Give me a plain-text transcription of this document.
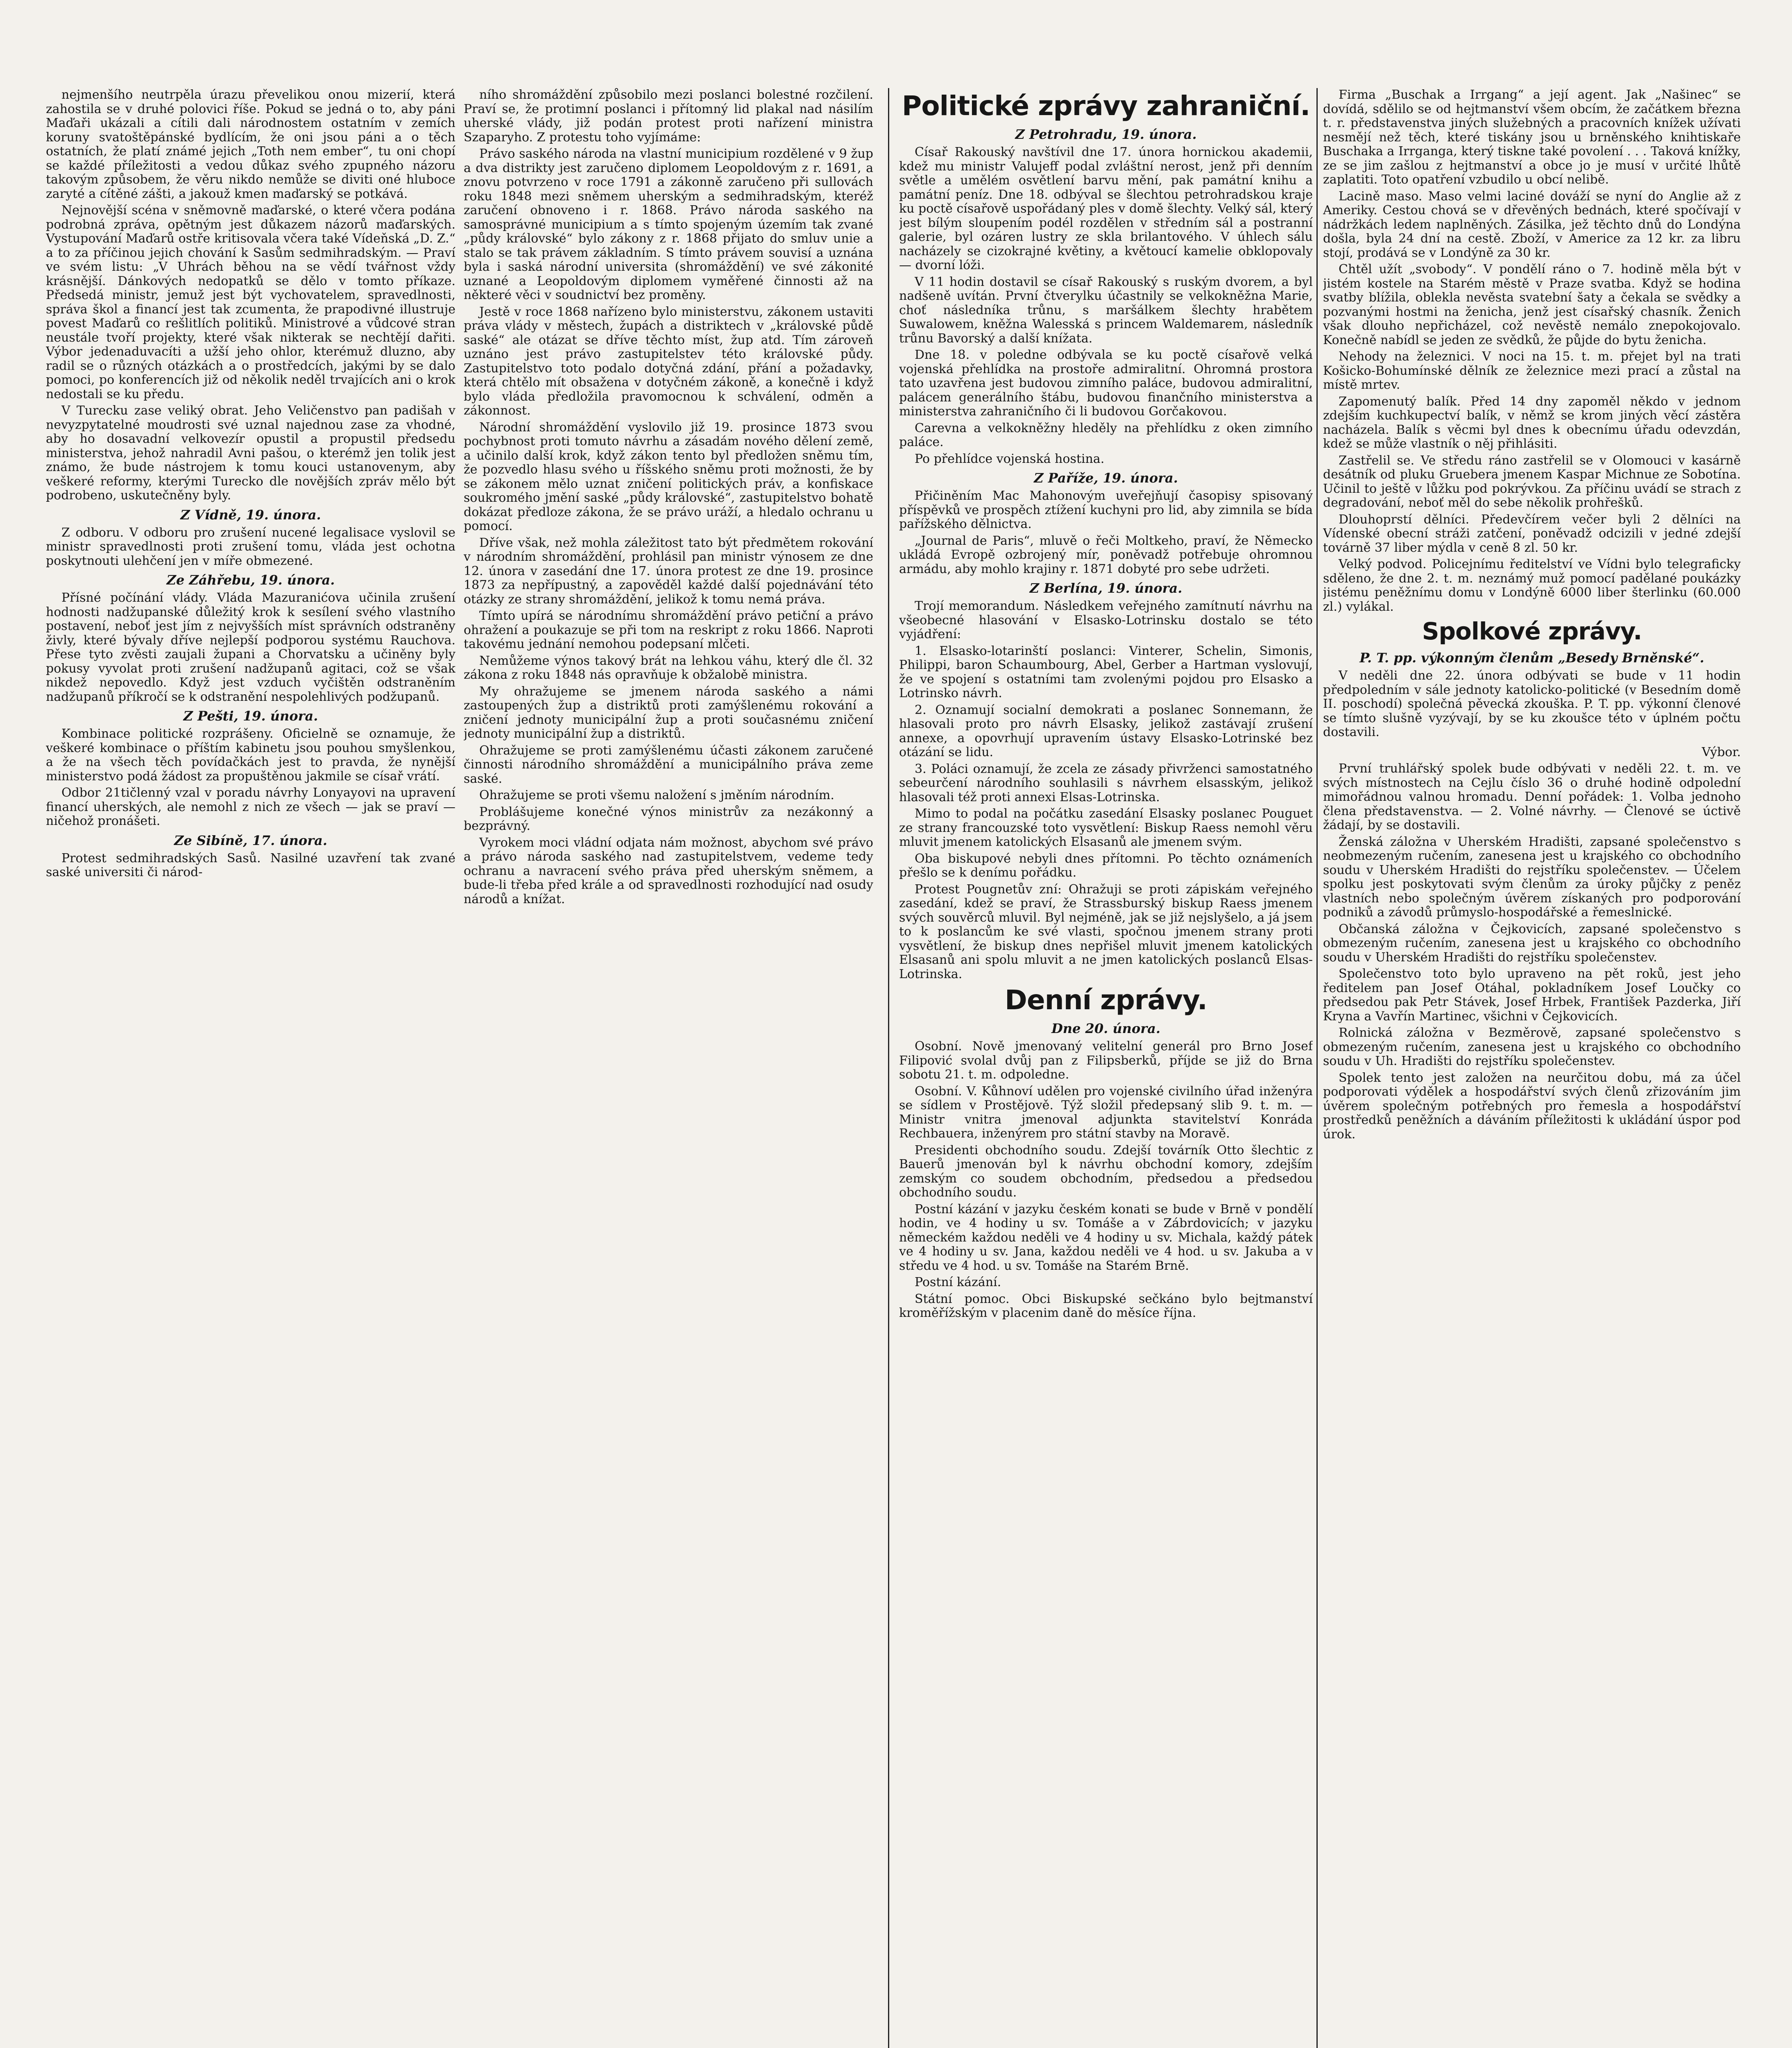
nejmenšího neutrpěla úrazu převelikou onou mizerií, která zahostila se v druhé polovici říše. Pokud se jedná o to, aby páni Maďaři ukázali a cítili dali národnostem ostatním v zemích koruny svatoštěpánské bydlícím, že oni jsou páni a o těch ostatních, že platí známé jejich „Toth nem ember“, tu oni chopí se každé příležitosti a vedou důkaz svého zpupného názoru takovým způsobem, že věru nikdo nemůže se diviti oné hluboce zaryté a cítěné zášti, a jakouž kmen maďarský se potkává.

Nejnovější scéna v sněmovně maďarské, o které včera podána podrobná zpráva, opětným jest důkazem názorů maďarských. Vystupování Maďarů ostře kritisovala včera také Vídeňská „D. Z.“ a to za příčinou jejich chování k Sasům sedmihradským. — Praví ve svém listu: „V Uhrách běhou na se vědí tvářnost vždy krásnější. Dánkových nedopatků se dělo v tomto příkaze. Předsedá ministr, jemuž jest být vychovatelem, spravedlnosti, správa škol a financí jest tak zcumenta, že prapodivné illustruje povest Maďarů co rešlitlích politiků. Ministrové a vůdcové stran neustále tvoří projekty, které však nikterak se nechtějí dařiti. Výbor jedenaduvacíti a užší jeho ohlor, kterémuž dluzno, aby radil se o různých otázkách a o prostředcích, jakými by se dalo pomoci, po konferencích již od několik neděl trvajících ani o krok nedostali se ku předu.

V Turecku zase veliký obrat. Jeho Veličenstvo pan padišah v nevyzpytatelné moudrosti své uznal najednou zase za vhodné, aby ho dosavadní velkovezír opustil a propustil předsedu ministerstva, jehož nahradil Avni pašou, o kterémž jen tolik jest známo, že bude nástrojem k tomu kouci ustanovenym, aby veškeré reformy, kterými Turecko dle novějších zpráv mělo být podrobeno, uskutečněny byly.

Z Vídně, 19. února.

Z odboru. V odboru pro zrušení nucené legalisace vyslovil se ministr spravedlnosti proti zrušení tomu, vláda jest ochotna poskytnouti ulehčení jen v míře obmezené.

Ze Záhřebu, 19. února.

Přísné počínání vlády. Vláda Mazuranićova učinila zrušení hodnosti nadžupanské důležitý krok k sesílení svého vlastního postavení, neboť jest jím z nejvyšších míst správních odstraněny živly, které bývaly dříve nejlepší podporou systému Rauchova. Přese tyto zvěsti zaujali župani a Chorvatsku a učiněny byly pokusy vyvolat proti zrušení nadžupanů agitaci, což se však nikdež nepovedlo. Když jest vzduch vyčištěn odstraněním nadžupanů příkročí se k odstranění nespolehlivých podžupanů.

Z Pešti, 19. února.

Kombinace politické rozprášeny. Oficielně se oznamuje, že veškeré kombinace o příštím kabinetu jsou pouhou smyšlenkou, a že na všech těch povídačkách jest to pravda, že nynější ministerstvo podá žádost za propuštěnou jakmile se císař vrátí.

Odbor 21tičlenný vzal v poradu návrhy Lonyayovi na upravení financí uherských, ale nemohl z nich ze všech — jak se praví — ničehož pronášeti.

Ze Sibíně, 17. února.

Protest sedmihradských Sasů. Nasilné uzavření tak zvané saské universiti či národ-

ního shromáždění způsobilo mezi poslanci bolestné rozčilení. Praví se, že protimní poslanci i přítomný lid plakal nad násilím uherské vlády, již podán protest proti nařízení ministra Szaparyho. Z protestu toho vyjímáme:

Právo saského národa na vlastní municipium rozdělené v 9 žup a dva distrikty jest zaručeno diplomem Leopoldovým z r. 1691, a znovu potvrzeno v roce 1791 a zákonně zaručeno při sullovách roku 1848 mezi sněmem uherským a sedmihradským, kteréž zaručení obnoveno i r. 1868. Právo národa saského na samosprávné municipium a s tímto spojeným územím tak zvané „půdy královské“ bylo zákony z r. 1868 přijato do smluv unie a stalo se tak právem základním. S tímto právem souvisí a uznána byla i saská národní universita (shromáždění) ve své zákonité uznané a Leopoldovým diplomem vyměřené činnosti až na některé věci v soudnictví bez proměny.

Jestě v roce 1868 nařízeno bylo ministerstvu, zákonem ustaviti práva vlády v městech, župách a distriktech v „královské půdě saské“ ale otázat se dříve těchto míst, žup atd. Tím zároveň uznáno jest právo zastupitelstev této královské půdy. Zastupitelstvo toto podalo dotyčná zdání, přání a požadavky, která chtělo mít obsažena v dotyčném zákoně, a konečně i když bylo vláda předložila pravomocnou k schválení, odměn a zákonnost.

Národní shromáždění vyslovilo již 19. prosince 1873 svou pochybnost proti tomuto návrhu a zásadám nového dělení země, a učinilo další krok, když zákon tento byl předložen sněmu tím, že pozvedlo hlasu svého u říšského sněmu proti možnosti, že by se zákonem mělo uznat zničení politických práv, a konfiskace soukromého jmění saské „půdy královské“, zastupitelstvo bohatě dokázat předloze zákona, že se právo uráží, a hledalo ochranu u pomocí.

Dříve však, než mohla záležitost tato být předmětem rokování v národním shromáždění, prohlásil pan ministr výnosem ze dne 12. února v zasedání dne 17. února protest ze dne 19. prosince 1873 za nepřípustný, a zapověděl každé další pojednávání této otázky ze strany shromáždění, jelikož k tomu nemá práva.

Tímto upírá se národnímu shromáždění právo petiční a právo ohražení a poukazuje se při tom na reskript z roku 1866. Naproti takovému jednání nemohou podepsaní mlčeti.

Nemůžeme výnos takový brát na lehkou váhu, který dle čl. 32 zákona z roku 1848 nás opravňuje k obžalobě ministra.

My ohražujeme se jmenem národa saského a námi zastoupených žup a distriktů proti zamýšlenému rokování a zničení jednoty municipální žup a proti současnému zničení jednoty municipální žup a distriktů.

Ohražujeme se proti zamýšlenému účasti zákonem zaručené činnosti národního shromáždění a municipálního práva zeme saské.

Ohražujeme se proti všemu naložení s jměním národním.

Problášujeme konečné výnos ministrův za nezákonný a bezprávný.

Vyrokem moci vládní odjata nám možnost, abychom své právo a právo národa saského nad zastupitelstvem, vedeme tedy ochranu a navracení svého práva před uherským sněmem, a bude-li třeba před krále a od spravedlnosti rozhodující nad osudy národů a knížat.

Politické zprávy zahraniční.
Z Petrohradu, 19. února.

Císař Rakouský navštívil dne 17. února hornickou akademii, kdež mu ministr Valujeff podal zvláštní nerost, jenž při denním světle a umělém osvětlení barvu mění, pak památní knihu a památní peníz. Dne 18. odbýval se šlechtou petrohradskou kraje ku poctě císařově uspořádaný ples v domě šlechty. Velký sál, který jest bílým sloupením podél rozdělen v středním sál a postranní galerie, byl ozáren lustry ze skla brilantového. V úhlech sálu nacházely se cizokrajné květiny, a květoucí kamelie obklopovaly — dvorní lóži.

V 11 hodin dostavil se císař Rakouský s ruským dvorem, a byl nadšeně uvítán. První čtverylku účastnily se velkokněžna Marie, choť následníka trůnu, s maršálkem šlechty hrabětem Suwalowem, kněžna Walesská s princem Waldemarem, následník trůnu Bavorský a další knížata.

Dne 18. v poledne odbývala se ku poctě císařově velká vojenská přehlídka na prostoře admiralitní. Ohromná prostora tato uzavřena jest budovou zimního paláce, budovou admiralitní, palácem generálního štábu, budovou finančního ministerstva a ministerstva zahraničního či li budovou Gorčakovou.

Carevna a velkokněžny hleděly na přehlídku z oken zimního paláce.

Po přehlídce vojenská hostina.

Z Paříže, 19. února.

Přičiněním Mac Mahonovým uveřejňují časopisy spisovaný příspěvků ve prospěch ztížení kuchyni pro lid, aby zimnila se bída pařížského dělnictva.

„Journal de Paris“, mluvě o řeči Moltkeho, praví, že Německo ukládá Evropě ozbrojený mír, poněvadž potřebuje ohromnou armádu, aby mohlo krajiny r. 1871 dobyté pro sebe udržeti.

Z Berlína, 19. února.

Trojí memorandum. Následkem veřejného zamítnutí návrhu na všeobecné hlasování v Elsasko-Lotrinsku dostalo se této vyjádření:

1. Elsasko-lotarinští poslanci: Vinterer, Schelin, Simonis, Philippi, baron Schaumbourg, Abel, Gerber a Hartman vyslovují, že ve spojení s ostatními tam zvolenými pojdou pro Elsasko a Lotrinsko návrh.

2. Oznamují socialní demokrati a poslanec Sonnemann, že hlasovali proto pro návrh Elsasky, jelikož zastávají zrušení annexe, a opovrhují upravením ústavy Elsasko-Lotrinské bez otázání se lidu.

3. Poláci oznamují, že zcela ze zásady přivrženci samostatného sebeurčení národního souhlasili s návrhem elsasským, jelikož hlasovali též proti annexi Elsas-Lotrinska.

Mimo to podal na počátku zasedání Elsasky poslanec Pouguet ze strany francouzské toto vysvětlení: Biskup Raess nemohl věru mluvit jmenem katolických Elsasanů ale jmenem svým.

Oba biskupové nebyli dnes přítomni. Po těchto oznámeních přešlo se k denímu pořádku.

Protest Pougnetův zní: Ohražuji se proti zápiskám veřejného zasedání, kdež se praví, že Strassburský biskup Raess jmenem svých souvěrců mluvil. Byl nejméně, jak se již nejslyšelo, a já jsem to k poslancům ke své vlasti, spočnou jmenem strany proti vysvětlení, že biskup dnes nepřišel mluvit jmenem katolických Elsasanů ani spolu mluvit a ne jmen katolických poslanců Elsas-Lotrinska.

Denní zprávy.
Dne 20. února.

Osobní. Nově jmenovaný velitelní generál pro Brno Josef Filipović svolal dvůj pan z Filipsberků, příjde se již do Brna sobotu 21. t. m. odpoledne.

Osobní. V. Kůhnoví udělen pro vojenské civilního úřad inženýra se sídlem v Prostějově. Týž složil předepsaný slib 9. t. m. — Ministr vnitra jmenoval adjunkta stavitelství Konráda Rechbauera, inženýrem pro státní stavby na Moravě.

Presidenti obchodního soudu. Zdejší továrník Otto šlechtic z Bauerů jmenován byl k návrhu obchodní komory, zdejším zemským co soudem obchodním, předsedou a předsedou obchodního soudu.

Postní kázání v jazyku českém konati se bude v Brně v pondělí hodin, ve 4 hodiny u sv. Tomáše a v Zábrdovicích; v jazyku německém každou neděli ve 4 hodiny u sv. Michala, každý pátek ve 4 hodiny u sv. Jana, každou neděli ve 4 hod. u sv. Jakuba a v středu ve 4 hod. u sv. Tomáše na Starém Brně.

Postní kázání.

Státní pomoc. Obci Biskupské sečkáno bylo bejtmanství kroměřížským v placenim daně do měsíce října.

Firma „Buschak a Irrgang“ a její agent. Jak „Našinec“ se dovídá, sdělilo se od hejtmanství všem obcím, že začátkem března t. r. představenstva jiných služebných a pracovních knížek užívati nesmějí než těch, které tiskány jsou u brněnského knihtiskaře Buschaka a Irrganga, který tiskne také povolení . . . Taková knížky, ze se jim zašlou z hejtmanství a obce jo je musí v určité lhůtě zaplatiti. Toto opatření vzbudilo u obcí nelibě.

Lacině maso. Maso velmi laciné dováží se nyní do Anglie až z Ameriky. Cestou chová se v dřevěných bednách, které spočívají v nádržkách ledem naplněných. Zásilka, jež těchto dnů do Londýna došla, byla 24 dní na cestě. Zboží, v Americe za 12 kr. za libru stojí, prodává se v Londýně za 30 kr.

Chtěl užít „svobody“. V pondělí ráno o 7. hodině měla být v jistém kostele na Starém městě v Praze svatba. Když se hodina svatby blížila, oblekla nevěsta svatební šaty a čekala se svědky a pozvanými hostmi na ženicha, jenž jest císařský chasník. Ženich však dlouho nepřicházel, což nevěstě nemálo znepokojovalo. Konečně nabídl se jeden ze svědků, že půjde do bytu ženicha.

Nehody na železnici. V noci na 15. t. m. přejet byl na trati Košicko-Bohumínské dělník ze železnice mezi prací a zůstal na místě mrtev.

Zapomenutý balík. Před 14 dny zapoměl někdo v jednom zdejším kuchkupectví balík, v němž se krom jiných věcí zástěra nacházela. Balík s věcmi byl dnes k obecnímu úřadu odevzdán, kdež se může vlastník o něj přihlásiti.

Zastřelil se. Ve středu ráno zastřelil se v Olomouci v kasárně desátník od pluku Gruebera jmenem Kaspar Michnue ze Sobotína. Učinil to ještě v lůžku pod pokrývkou. Za příčinu uvádí se strach z degradování, neboť měl do sebe několik prohřešků.

Dlouhoprstí dělníci. Předevčírem večer byli 2 dělníci na Vídenské obecní stráži zatčení, poněvadž odcizili v jedné zdejší továrně 37 liber mýdla v ceně 8 zl. 50 kr.

Velký podvod. Policejnímu ředitelství ve Vídni bylo telegraficky sděleno, že dne 2. t. m. neznámý muž pomocí padělané poukázky jistému peněžnímu domu v Londýně 6000 liber šterlinku (60.000 zl.) vylákal.

Spolkové zprávy.
P. T. pp. výkonným členům „Besedy Brněnské“.

V neděli dne 22. února odbývati se bude v 11 hodin předpoledním v sále jednoty katolicko-politické (v Besedním domě II. poschodí) společná pěvecká zkouška. P. T. pp. výkonní členové se tímto slušně vyzývají, by se ku zkoušce této v úplném počtu dostavili.

Výbor.

První truhlářský spolek bude odbývati v neděli 22. t. m. ve svých místnostech na Cejlu číslo 36 o druhé hodině odpolední mimořádnou valnou hromadu. Denní pořádek: 1. Volba jednoho člena představenstva. — 2. Volné návrhy. — Členové se úctivě žádají, by se dostavili.

Ženská záložna v Uherském Hradišti, zapsané společenstvo s neobmezeným ručením, zanesena jest u krajského co obchodního soudu v Uherském Hradišti do rejstříku společenstev. — Účelem spolku jest poskytovati svým členům za úroky půjčky z peněz vlastních nebo společným úvěrem získaných pro podporování podniků a závodů průmyslo-hospodářské a řemeslnické.

Občanská záložna v Čejkovicích, zapsané společenstvo s obmezeným ručením, zanesena jest u krajského co obchodního soudu v Uherském Hradišti do rejstříku společenstev.

Společenstvo toto bylo upraveno na pět roků, jest jeho ředitelem pan Josef Otáhal, pokladníkem Josef Loučky co předsedou pak Petr Stávek, Josef Hrbek, František Pazderka, Jiří Kryna a Vavřín Martinec, všichni v Čejkovicích.

Rolnická záložna v Bezměrově, zapsané společenstvo s obmezeným ručením, zanesena jest u krajského co obchodního soudu v Uh. Hradišti do rejstříku společenstev.

Spolek tento jest založen na neurčitou dobu, má za účel podporovati výdělek a hospodářství svých členů zřizováním jim úvěrem společným potřebných pro řemesla a hospodářství prostředků peněžních a dáváním příležitosti k ukládání úspor pod úrok.
